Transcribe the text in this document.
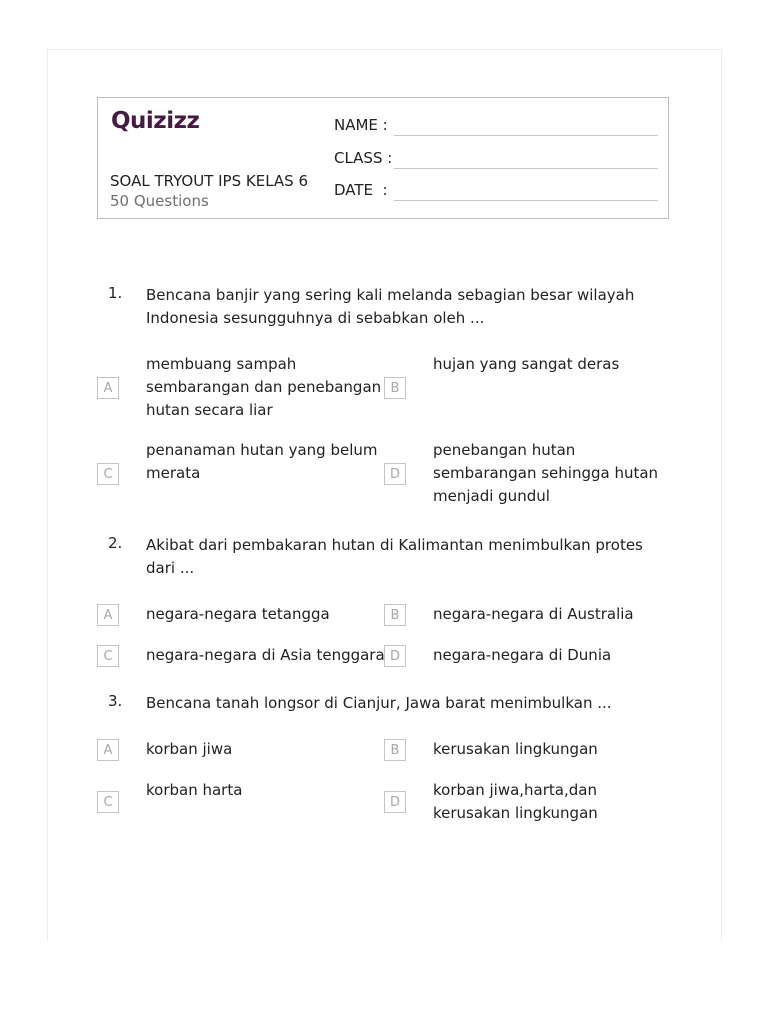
Quizizz
SOAL TRYOUT IPS KELAS 6
50 Questions
NAME :
CLASS :
DATE  :
1. Bencana banjir yang sering kali melanda sebagian besar wilayah Indonesia sesungguhnya di sebabkan oleh ...
A
membuang sampah sembarangan dan penebangan hutan secara liar
B
hujan yang sangat deras
C
penanaman hutan yang belum merata	D
penebangan hutan sembarangan sehingga hutan menjadi gundul
2. Akibat dari pembakaran hutan di Kalimantan menimbulkan protes dari ...
A	negara-negara tetangga	B	negara-negara di Australia
C	negara-negara di Asia tenggara D	negara-negara di Dunia
3. Bencana tanah longsor di Cianjur, Jawa barat menimbulkan ...
A	korban jiwa	B	kerusakan lingkungan
C
korban harta
D
korban jiwa,harta,dan kerusakan lingkungan
